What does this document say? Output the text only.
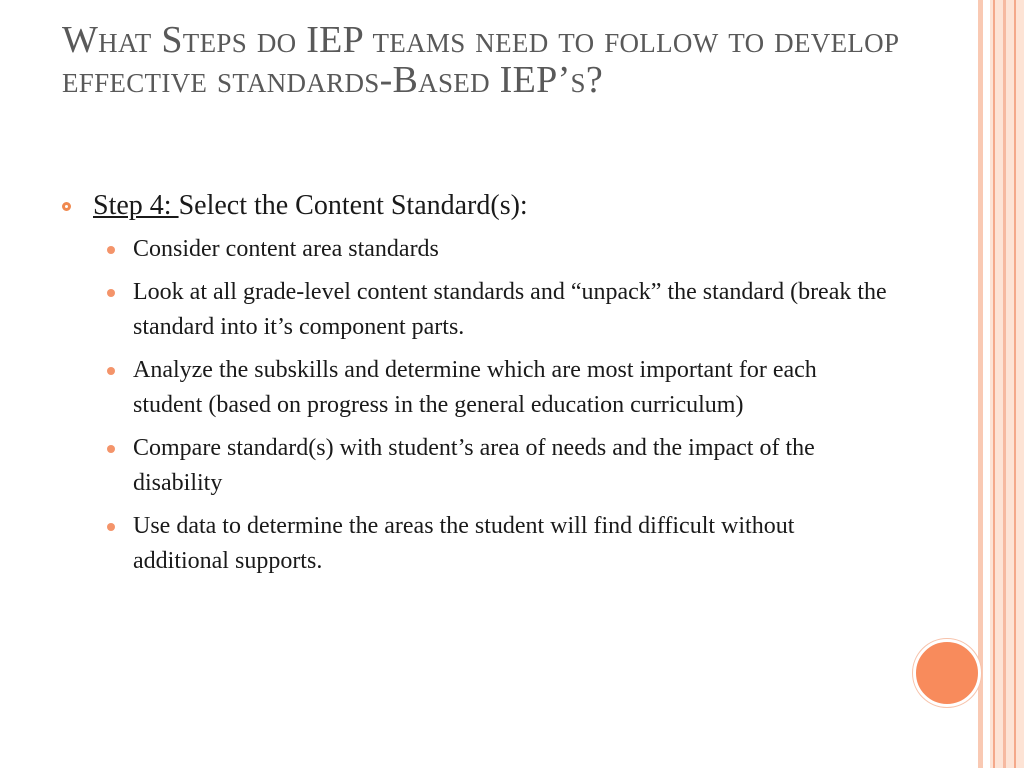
What Steps do IEP teams need to follow to develop effective standards-Based IEP’s?
Step 4: Select the Content Standard(s):
Consider content area standards
Look at all grade-level content standards and “unpack” the standard (break the standard into it’s component parts.
Analyze the subskills and determine which are most important for each student (based on progress in the general education curriculum)
Compare standard(s) with student’s area of needs and the impact of the disability
Use data to determine the areas the student will find difficult without additional supports.
